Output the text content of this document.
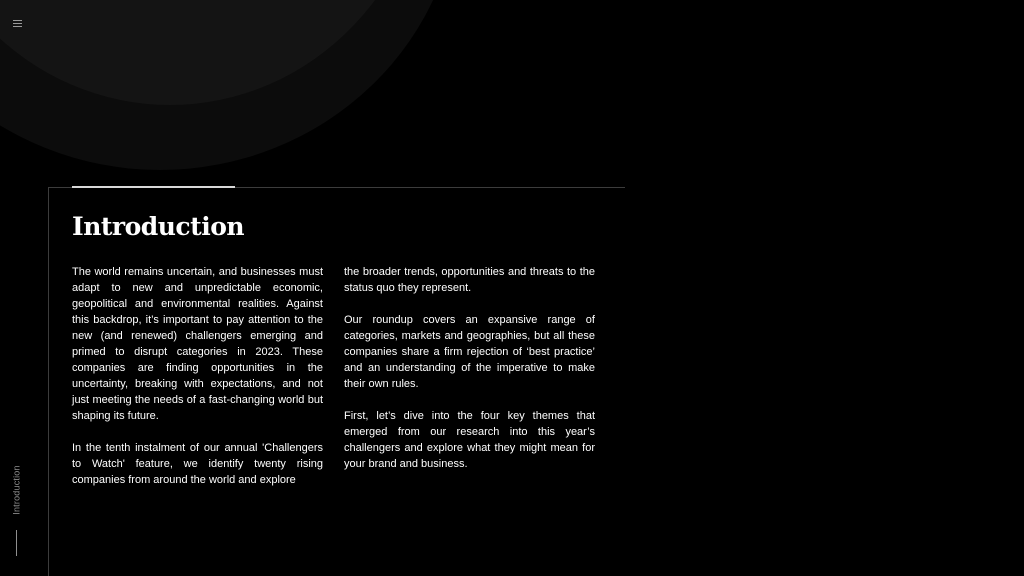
Introduction
Introduction

The world remains uncertain, and businesses must adapt to new and unpredictable economic, geopolitical and environmental realities. Against this backdrop, it’s important to pay attention to the new (and renewed) challengers emerging and primed to disrupt categories in 2023. These companies are finding opportunities in the uncertainty, breaking with expectations, and not just meeting the needs of a fast-changing world but shaping its future.

In the tenth instalment of our annual 'Challengers to Watch' feature, we identify twenty rising companies from around the world and explore

the broader trends, opportunities and threats to the status quo they represent.

Our roundup covers an expansive range of categories, markets and geographies, but all these companies share a firm rejection of ‘best practice’ and an understanding of the imperative to make their own rules.

First, let’s dive into the four key themes that emerged from our research into this year’s challengers and explore what they might mean for your brand and business.
